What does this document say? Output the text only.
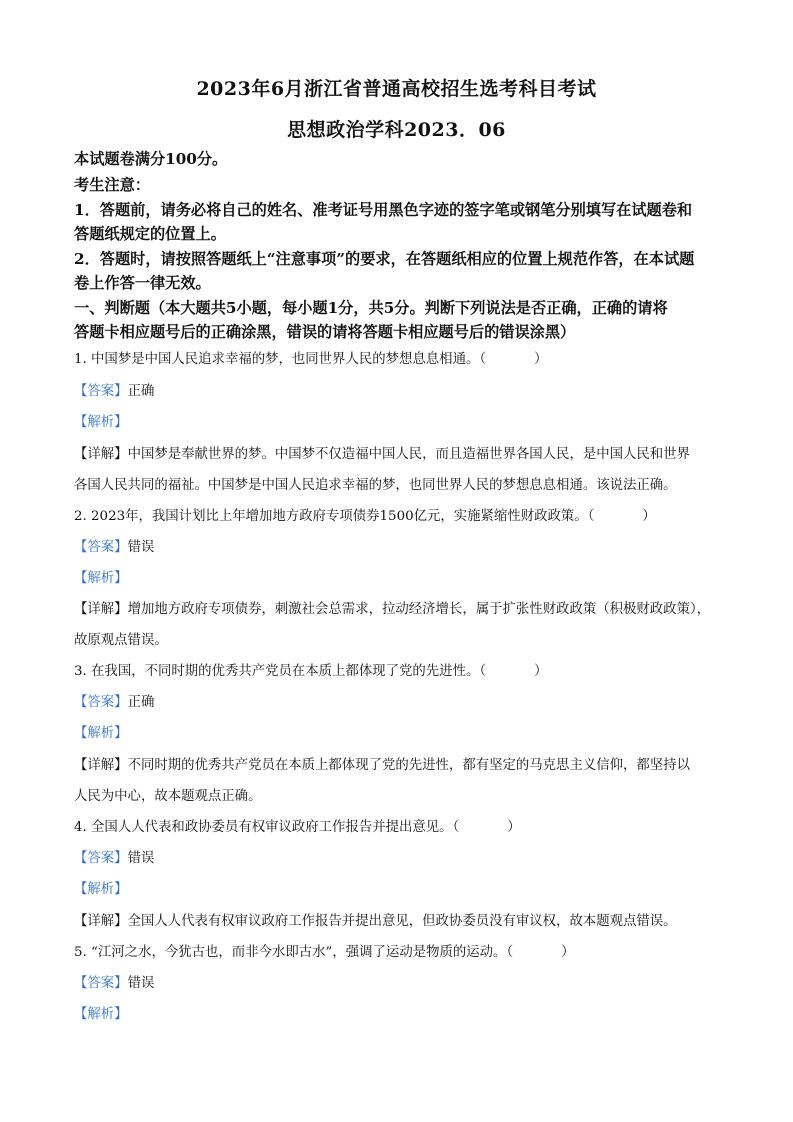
2023年6月浙江省普通高校招生选考科目考试
思想政治学科2023．06
本试题卷满分100分。
考生注意：
1．答题前，请务必将自己的姓名、准考证号用黑色字迹的签字笔或钢笔分别填写在试题卷和
答题纸规定的位置上。
2．答题时，请按照答题纸上“注意事项”的要求，在答题纸相应的位置上规范作答，在本试题
卷上作答一律无效。
一、判断题（本大题共5小题，每小题1分，共5分。判断下列说法是否正确，正确的请将
答题卡相应题号后的正确涂黑，错误的请将答题卡相应题号后的错误涂黑）
1. 中国梦是中国人民追求幸福的梦，也同世界人民的梦想息息相通。（	）
【答案】正确
【解析】
【详解】中国梦是奉献世界的梦。中国梦不仅造福中国人民，而且造福世界各国人民，是中国人民和世界
各国人民共同的福祉。中国梦是中国人民追求幸福的梦，也同世界人民的梦想息息相通。该说法正确。
2. 2023年，我国计划比上年增加地方政府专项债券1500亿元，实施紧缩性财政政策。（	）
【答案】错误
【解析】
【详解】增加地方政府专项债券，刺激社会总需求，拉动经济增长，属于扩张性财政政策（积极财政政策），
故原观点错误。
3. 在我国，不同时期的优秀共产党员在本质上都体现了党的先进性。（	）
【答案】正确
【解析】
【详解】不同时期的优秀共产党员在本质上都体现了党的先进性，都有坚定的马克思主义信仰，都坚持以
人民为中心，故本题观点正确。
4. 全国人人代表和政协委员有权审议政府工作报告并提出意见。（	）
【答案】错误
【解析】
【详解】全国人人代表有权审议政府工作报告并提出意见，但政协委员没有审议权，故本题观点错误。
5. “江河之水，今犹古也，而非今水即古水”，强调了运动是物质的运动。（	）
【答案】错误
【解析】
